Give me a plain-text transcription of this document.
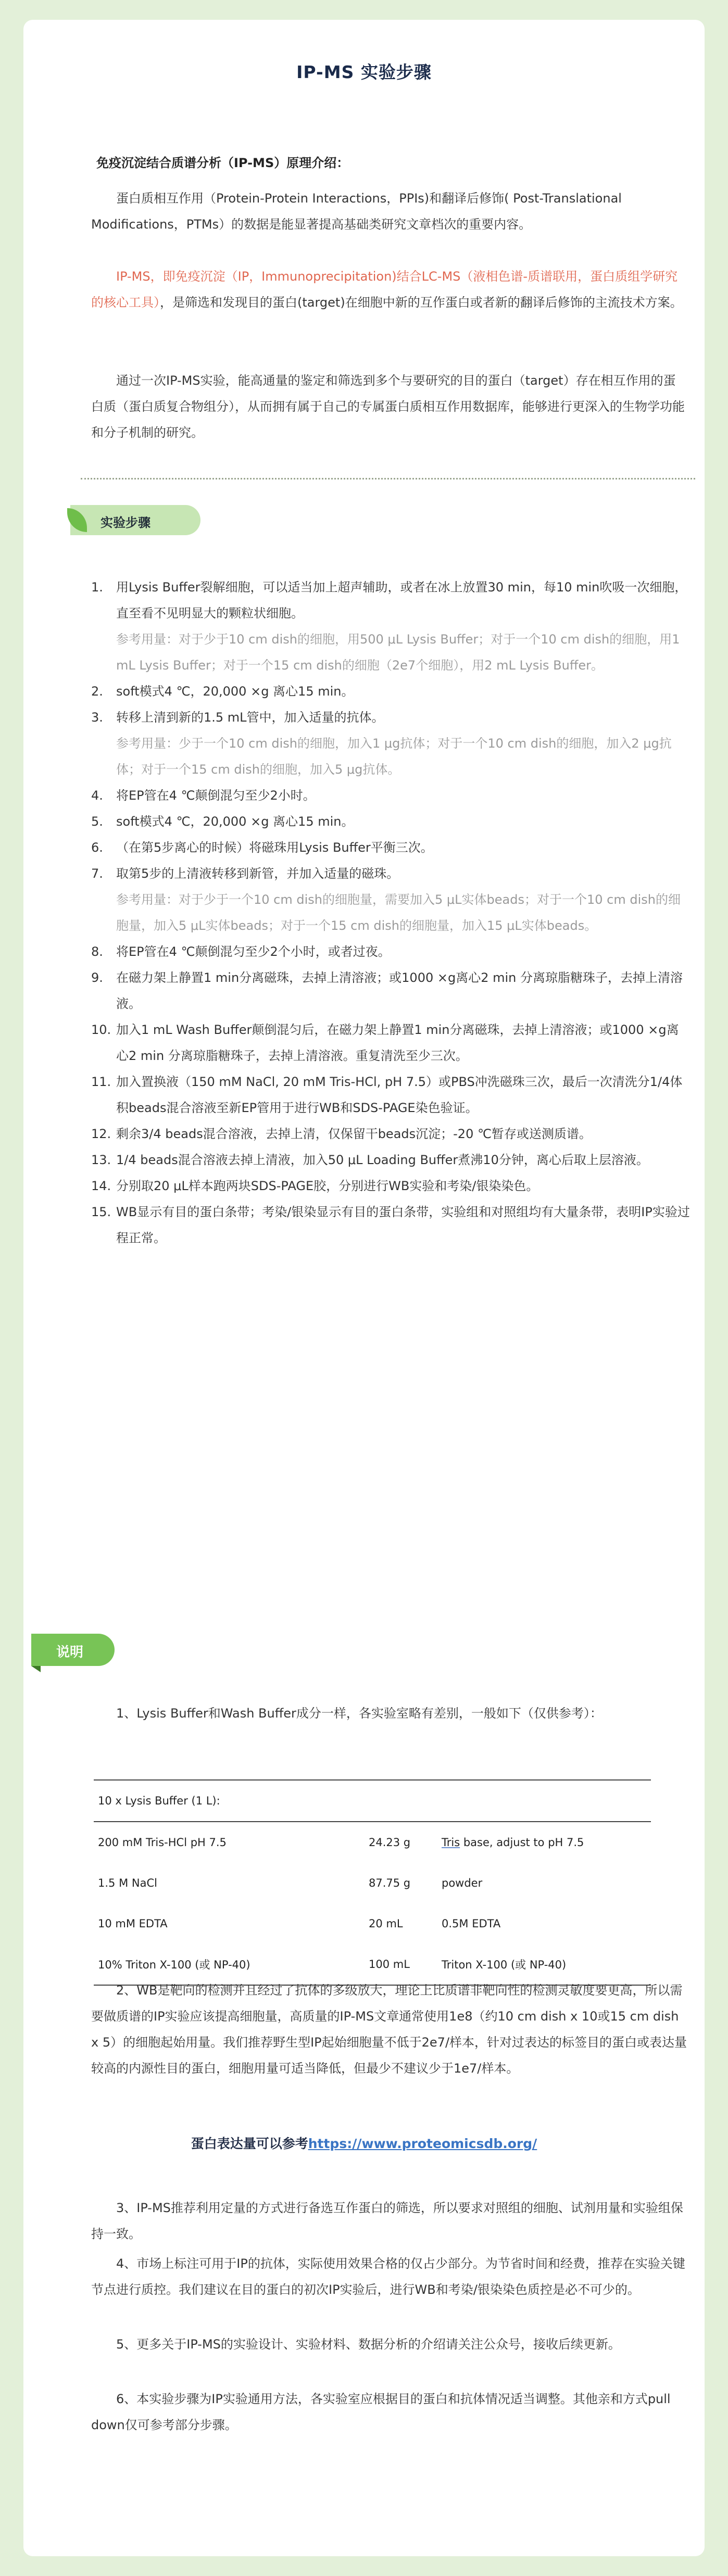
IP-MS 实验步骤
免疫沉淀结合质谱分析（IP-MS）原理介绍：
蛋白质相互作用（Protein-Protein Interactions，PPIs)和翻译后修饰( Post-Translational Modifications，PTMs）的数据是能显著提高基础类研究文章档次的重要内容。
IP-MS，即免疫沉淀（IP，Immunoprecipitation)结合LC-MS（液相色谱-质谱联用，蛋白质组学研究的核心工具），是筛选和发现目的蛋白(target)在细胞中新的互作蛋白或者新的翻译后修饰的主流技术方案。
通过一次IP-MS实验，能高通量的鉴定和筛选到多个与要研究的目的蛋白（target）存在相互作用的蛋白质（蛋白质复合物组分），从而拥有属于自己的专属蛋白质相互作用数据库，能够进行更深入的生物学功能和分子机制的研究。
实验步骤
1. 用Lysis Buffer裂解细胞，可以适当加上超声辅助，或者在冰上放置30 min，每10 min吹吸一次细胞，直至看不见明显大的颗粒状细胞。
参考用量：对于少于10 cm dish的细胞，用500 μL Lysis Buffer；对于一个10 cm dish的细胞，用1 mL Lysis Buffer；对于一个15 cm dish的细胞（2e7个细胞），用2 mL Lysis Buffer。
2. soft模式4 ℃，20,000 ×g 离心15 min。
3. 转移上清到新的1.5 mL管中，加入适量的抗体。
参考用量：少于一个10 cm dish的细胞，加入1 μg抗体；对于一个10 cm dish的细胞，加入2 μg抗体；对于一个15 cm dish的细胞，加入5 μg抗体。
4. 将EP管在4 ℃颠倒混匀至少2小时。
5. soft模式4 ℃，20,000 ×g 离心15 min。
6. （在第5步离心的时候）将磁珠用Lysis Buffer平衡三次。
7. 取第5步的上清液转移到新管，并加入适量的磁珠。
参考用量：对于少于一个10 cm dish的细胞量，需要加入5 μL实体beads；对于一个10 cm dish的细胞量，加入5 μL实体beads；对于一个15 cm dish的细胞量，加入15 μL实体beads。
8. 将EP管在4 ℃颠倒混匀至少2个小时，或者过夜。
9. 在磁力架上静置1 min分离磁珠，去掉上清溶液；或1000 ×g离心2 min 分离琼脂糖珠子，去掉上清溶液。
10. 加入1 mL Wash Buffer颠倒混匀后，在磁力架上静置1 min分离磁珠，去掉上清溶液；或1000 ×g离心2 min 分离琼脂糖珠子，去掉上清溶液。重复清洗至少三次。
11. 加入置换液（150 mM NaCl, 20 mM Tris-HCl, pH 7.5）或PBS冲洗磁珠三次，最后一次清洗分1/4体积beads混合溶液至新EP管用于进行WB和SDS-PAGE染色验证。
12. 剩余3/4 beads混合溶液，去掉上清，仅保留干beads沉淀；-20 ℃暂存或送测质谱。
13. 1/4 beads混合溶液去掉上清液，加入50 μL Loading Buffer煮沸10分钟，离心后取上层溶液。
14. 分别取20 μL样本跑两块SDS-PAGE胶，分别进行WB实验和考染/银染染色。
15. WB显示有目的蛋白条带；考染/银染显示有目的蛋白条带，实验组和对照组均有大量条带，表明IP实验过程正常。
说明
1、Lysis Buffer和Wash Buffer成分一样，各实验室略有差别，一般如下（仅供参考）：
10 x Lysis Buffer (1 L):		
200 mM Tris-HCl pH 7.5	24.23 g	Tris base, adjust to pH 7.5
1.5 M NaCl	87.75 g	powder
10 mM EDTA	20 mL	0.5M EDTA
10% Triton X-100 (或 NP-40)	100 mL	Triton X-100 (或 NP-40)
2、WB是靶向的检测并且经过了抗体的多级放大，理论上比质谱非靶向性的检测灵敏度要更高，所以需要做质谱的IP实验应该提高细胞量，高质量的IP-MS文章通常使用1e8（约10 cm dish x 10或15 cm dish x 5）的细胞起始用量。我们推荐野生型IP起始细胞量不低于2e7/样本，针对过表达的标签目的蛋白或表达量较高的内源性目的蛋白，细胞用量可适当降低，但最少不建议少于1e7/样本。
蛋白表达量可以参考https://www.proteomicsdb.org/
3、IP-MS推荐利用定量的方式进行备选互作蛋白的筛选，所以要求对照组的细胞、试剂用量和实验组保持一致。
4、市场上标注可用于IP的抗体，实际使用效果合格的仅占少部分。为节省时间和经费，推荐在实验关键节点进行质控。我们建议在目的蛋白的初次IP实验后，进行WB和考染/银染染色质控是必不可少的。
5、更多关于IP-MS的实验设计、实验材料、数据分析的介绍请关注公众号，接收后续更新。
6、本实验步骤为IP实验通用方法，各实验室应根据目的蛋白和抗体情况适当调整。其他亲和方式pull down仅可参考部分步骤。
